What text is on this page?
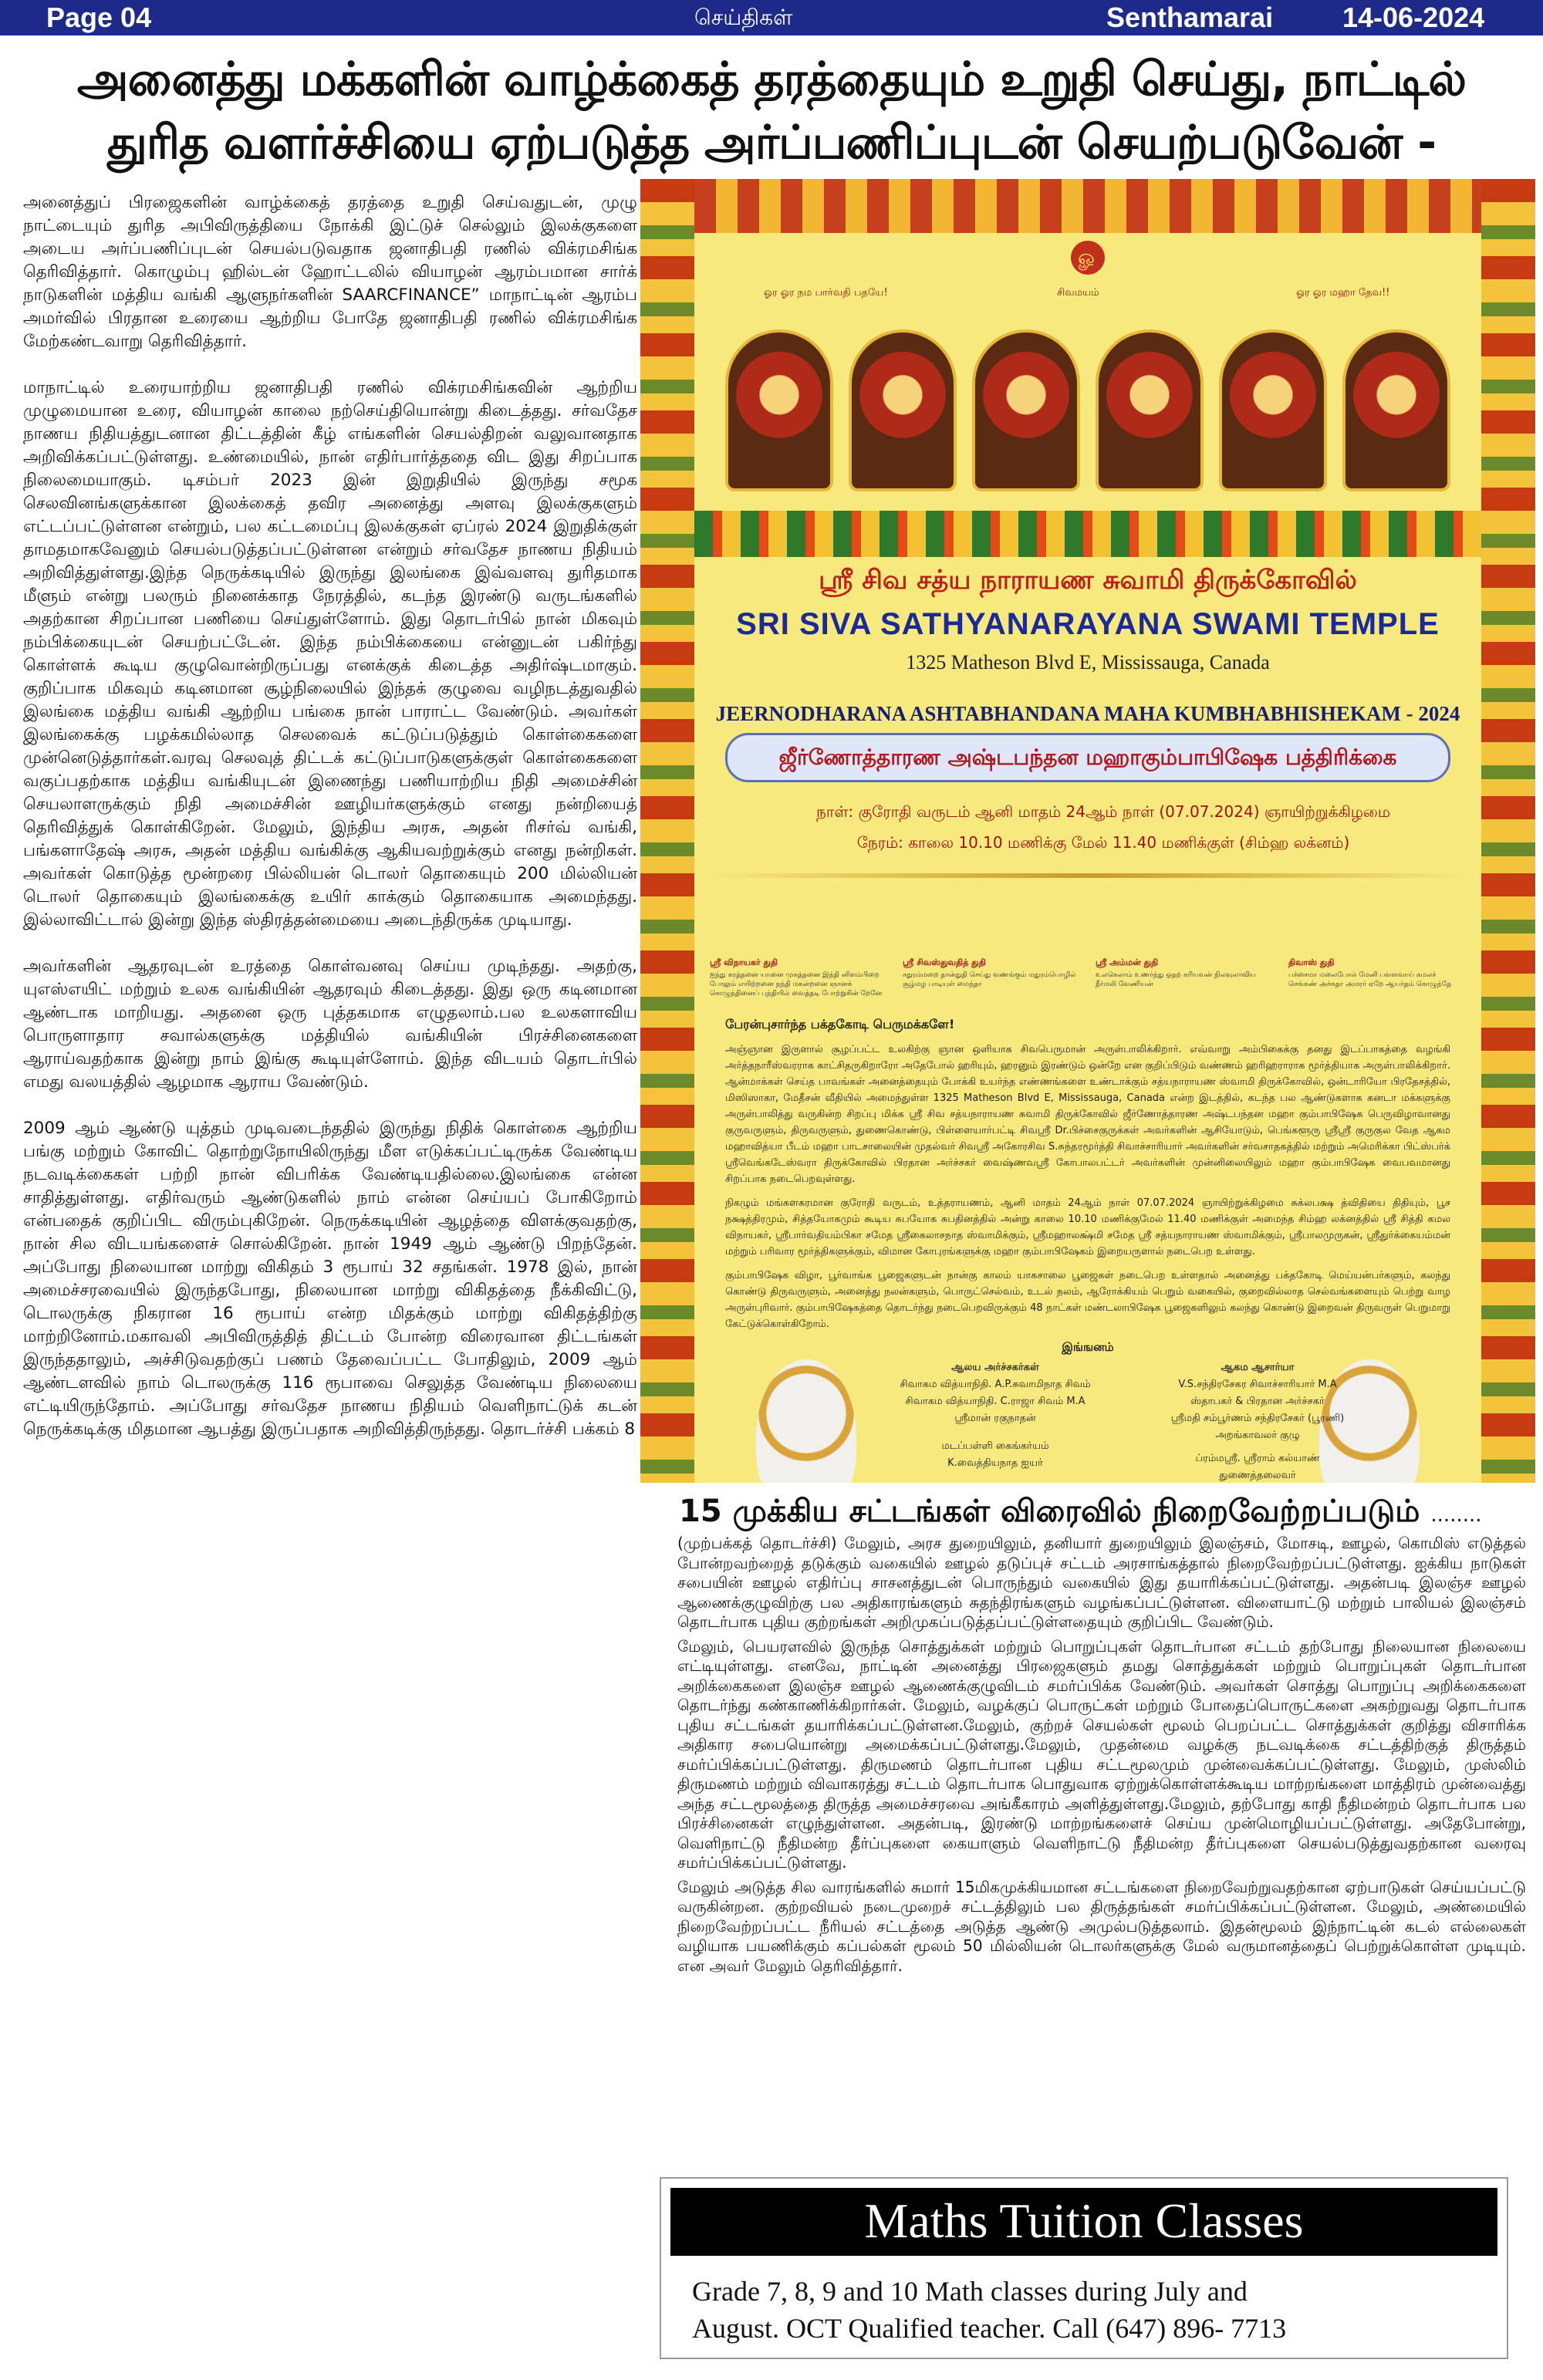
Page 04	செய்திகள்	Senthamarai 14-06-2024
அனைத்து மக்களின் வாழ்க்கைத் தரத்தையும் உறுதி செய்து, நாட்டில்
துரித வளர்ச்சியை ஏற்படுத்த அர்ப்பணிப்புடன் செயற்படுவேன் -

அனைத்துப் பிரஜைகளின் வாழ்க்கைத் தரத்தை உறுதி செய்வதுடன், முழு நாட்டையும் துரித அபிவிருத்தியை நோக்கி இட்டுச் செல்லும் இலக்குகளை அடைய அர்ப்பணிப்புடன் செயல்படுவதாக ஜனாதிபதி ரணில் விக்ரமசிங்க தெரிவித்தார். கொழும்பு ஹில்டன் ஹோட்டலில் வியாழன் ஆரம்பமான சார்க் நாடுகளின் மத்திய வங்கி ஆளுநர்களின் SAARCFINANCE” மாநாட்டின் ஆரம்ப அமர்வில் பிரதான உரையை ஆற்றிய போதே ஜனாதிபதி ரணில் விக்ரமசிங்க மேற்கண்டவாறு தெரிவித்தார்.

மாநாட்டில் உரையாற்றிய ஜனாதிபதி ரணில் விக்ரமசிங்கவின் ஆற்றிய முழுமையான உரை, வியாழன் காலை நற்செய்தியொன்று கிடைத்தது. சர்வதேச நாணய நிதியத்துடனான திட்டத்தின் கீழ் எங்களின் செயல்திறன் வலுவானதாக அறிவிக்கப்பட்டுள்ளது. உண்மையில், நான் எதிர்பார்த்ததை விட இது சிறப்பாக நிலைமையாகும். டிசம்பர் 2023 இன் இறுதியில் இருந்து சமூக செலவினங்களுக்கான இலக்கைத் தவிர அனைத்து அளவு இலக்குகளும் எட்டப்பட்டுள்ளன என்றும், பல கட்டமைப்பு இலக்குகள் ஏப்ரல் 2024 இறுதிக்குள் தாமதமாகவேனும் செயல்படுத்தப்பட்டுள்ளன என்றும் சர்வதேச நாணய நிதியம் அறிவித்துள்ளது.இந்த நெருக்கடியில் இருந்து இலங்கை இவ்வளவு துரிதமாக மீளும் என்று பலரும் நினைக்காத நேரத்தில், கடந்த இரண்டு வருடங்களில் அதற்கான சிறப்பான பணியை செய்துள்ளோம். இது தொடர்பில் நான் மிகவும் நம்பிக்கையுடன் செயற்பட்டேன். இந்த நம்பிக்கையை என்னுடன் பகிர்ந்து கொள்ளக் கூடிய குழுவொன்றிருப்பது எனக்குக் கிடைத்த அதிர்ஷ்டமாகும். குறிப்பாக மிகவும் கடினமான சூழ்நிலையில் இந்தக் குழுவை வழிநடத்துவதில் இலங்கை மத்திய வங்கி ஆற்றிய பங்கை நான் பாராட்ட வேண்டும். அவர்கள் இலங்கைக்கு பழக்கமில்லாத செலவைக் கட்டுப்படுத்தும் கொள்கைகளை முன்னெடுத்தார்கள்.வரவு செலவுத் திட்டக் கட்டுப்பாடுகளுக்குள் கொள்கைகளை வகுப்பதற்காக மத்திய வங்கியுடன் இணைந்து பணியாற்றிய நிதி அமைச்சின் செயலாளருக்கும் நிதி அமைச்சின் ஊழியர்களுக்கும் எனது நன்றியைத் தெரிவித்துக் கொள்கிறேன். மேலும், இந்திய அரசு, அதன் ரிசர்வ் வங்கி, பங்களாதேஷ் அரசு, அதன் மத்திய வங்கிக்கு ஆகியவற்றுக்கும் எனது நன்றிகள். அவர்கள் கொடுத்த மூன்றரை பில்லியன் டொலர் தொகையும் 200 மில்லியன் டொலர் தொகையும் இலங்கைக்கு உயிர் காக்கும் தொகையாக அமைந்தது. இல்லாவிட்டால் இன்று இந்த ஸ்திரத்தன்மையை அடைந்திருக்க முடியாது.

அவர்களின் ஆதரவுடன் உரத்தை கொள்வனவு செய்ய முடிந்தது. அதற்கு, யுஎஸ்எயிட் மற்றும் உலக வங்கியின் ஆதரவும் கிடைத்தது. இது ஒரு கடினமான ஆண்டாக மாறியது. அதனை ஒரு புத்தகமாக எழுதலாம்.பல உலகளாவிய பொருளாதார சவால்களுக்கு மத்தியில் வங்கியின் பிரச்சினைகளை ஆராய்வதற்காக இன்று நாம் இங்கு கூடியுள்ளோம். இந்த விடயம் தொடர்பில் எமது வலயத்தில் ஆழமாக ஆராய வேண்டும்.

2009 ஆம் ஆண்டு யுத்தம் முடிவடைந்ததில் இருந்து நிதிக் கொள்கை ஆற்றிய பங்கு மற்றும் கோவிட் தொற்றுநோயிலிருந்து மீள எடுக்கப்பட்டிருக்க வேண்டிய நடவடிக்கைகள் பற்றி நான் விபரிக்க வேண்டியதில்லை.இலங்கை என்ன சாதித்துள்ளது. எதிர்வரும் ஆண்டுகளில் நாம் என்ன செய்யப் போகிறோம் என்பதைக் குறிப்பிட விரும்புகிறேன். நெருக்கடியின் ஆழத்தை விளக்குவதற்கு, நான் சில விடயங்களைச் சொல்கிறேன். நான் 1949 ஆம் ஆண்டு பிறந்தேன். அப்போது நிலையான மாற்று விகிதம் 3 ரூபாய் 32 சதங்கள். 1978 இல், நான் அமைச்சரவையில் இருந்தபோது, நிலையான மாற்று விகிதத்தை நீக்கிவிட்டு, டொலருக்கு நிகரான 16 ரூபாய் என்ற மிதக்கும் மாற்று விகிதத்திற்கு மாற்றினோம்.மகாவலி அபிவிருத்தித் திட்டம் போன்ற விரைவான திட்டங்கள் இருந்ததாலும், அச்சிடுவதற்குப் பணம் தேவைப்பட்ட போதிலும், 2009 ஆம் ஆண்டளவில் நாம் டொலருக்கு 116 ரூபாவை செலுத்த வேண்டிய நிலையை எட்டியிருந்தோம். அப்போது சர்வதேச நாணய நிதியம் வெளிநாட்டுக் கடன் நெருக்கடிக்கு மிதமான ஆபத்து இருப்பதாக அறிவித்திருந்தது. தொடர்ச்சி பக்கம் 8

ௐ
ஓர ஓர நம பார்வதி பதயே!	சிவமயம்	ஓர ஓர மஹா தேவ!!
ஸ்ரீ சிவ சத்ய நாராயண சுவாமி திருக்கோவில்
SRI SIVA SATHYANARAYANA SWAMI TEMPLE
1325 Matheson Blvd E, Mississauga, Canada
JEERNODHARANA ASHTABHANDANA MAHA KUMBHABHISHEKAM - 2024
ஜீர்ணோத்தாரண அஷ்டபந்தன மஹாகும்பாபிஷேக பத்திரிக்கை
நாள்: குரோதி வருடம் ஆனி மாதம் 24ஆம் நாள் (07.07.2024) ஞாயிற்றுக்கிழமை
நேரம்: காலை 10.10 மணிக்கு மேல் 11.40 மணிக்குள் (சிம்ஹ லக்னம்)
ஸ்ரீ விநாயகர் துதி
ஐந்து கரத்தனை யானை முகத்தனை இந்தி னிளம்பிறை போலும் எயிற்றனை நந்தி மகன்றனை ஞானக் கொழுந்தினைப் புந்தியில் வைத்தடி போற்றுகின் றேனே
ஸ்ரீ சிவஸ்துவதித் துதி
சதுரம்மறை தான்துதி செய்து வணங்கும் மதுரம்பொழில் சூழ்மழ பாடியுள் மைந்தா
ஸ்ரீ அம்மன் துதி
உலகெலாம் உணர்ந்து ஓதற் கரியவன் நிலவுலாவிய நீர்மலி வேணியன்
திவாஸ் துதி
பச்சைமா மலைபோல் மேனி பவளவாய் கமலச் செங்கண் அச்சுதா அமரர் ஏறே ஆயர்தம் கொழுந்தே
பேரன்புசார்ந்த பக்தகோடி பெருமக்களே!

அஞ்ஞான இருளால் சூழப்பட்ட உலகிற்கு ஞான ஒளியாக சிவபெருமான் அருள்பாலிக்கிறார். எவ்வாறு அம்பிகைக்கு தனது இடப்பாகத்தை வழங்கி அர்த்தநாரீஸ்வரராக காட்சிதருகிறாரோ அதேபோல் ஹரியும், ஹரனும் இரண்டும் ஒன்றே என குறிப்பிடும் வண்ணம் ஹரிஹராராக மூர்த்தியாக அருள்பாலிக்கிறார். ஆன்மாக்கள் செய்த பாவங்கள் அனைத்தையும் போக்கி உயர்ந்த எண்ணங்களை உண்டாக்கும் சத்யநாராயண ஸ்வாமி திருக்கோவில், ஒன்டாரியோ பிரதேசத்தில், மிஸிஸாகா, மேதீசன் வீதியில் அமைந்துள்ள 1325 Matheson Blvd E, Mississauga, Canada என்ற இடத்தில், கடந்த பல ஆண்டுகளாக கனடா மக்களுக்கு அருள்பாலித்து வருகின்ற சிறப்பு மிக்க ஸ்ரீ சிவ சத்யநாராயண சுவாமி திருக்கோவில் ஜீர்ணோத்தாரண அஷ்டபந்தன மஹா கும்பாபிஷேக பெருவிழாவானது குருவருளும், திருவருளும், துணைகொண்டு, பிள்ளையார்பட்டி சிவஸ்ரீ Dr.பிச்சைகுருக்கள் அவர்களின் ஆசியோடும், பெங்களூரு ஸ்ரீஸ்ரீ குருகுல வேத ஆகம மஹாவித்யா பீடம் மஹா பாடசாலையின் முதல்வர் சிவஸ்ரீ அகோரசிவ S.சுந்தரமூர்த்தி சிவாச்சாரியார் அவர்களின் சர்வசாதகத்தில் மற்றும் அமெரிக்கா பிட்ஸ்பர்க் ஸ்ரீவெங்கடேஸ்வரா திருக்கோவில் பிரதான அர்ச்சகர் வைஷ்ணவஸ்ரீ கோபாலபட்டர் அவர்களின் முன்னிலையிலும் மஹா கும்பாபிஷேக வைபவமானது சிறப்பாக நடைபெறவுள்ளது.

நிகழும் மங்களகரமான குரோதி வருடம், உத்தராயணம், ஆனி மாதம் 24ஆம் நாள் 07.07.2024 ஞாயிற்றுக்கிழமை சுக்லபக்ஷ த்விதியை திதியும், பூச நக்ஷத்திரமும், சித்தயோகமும் கூடிய சுபயோக சுபதினத்தில் அன்று காலை 10.10 மணிக்குமேல் 11.40 மணிக்குள் அமைந்த சிம்ஹ லக்னத்தில் ஸ்ரீ சித்தி கமல விநாயகர், ஸ்ரீபார்வதியம்பிகா சமேத ஸ்ரீகைலாசநாத ஸ்வாமிக்கும், ஸ்ரீமஹாலக்ஷ்மி சமேத ஸ்ரீ சத்யநாராயண ஸ்வாமிக்கும், ஸ்ரீபாலமுருகன், ஸ்ரீதுர்க்கையம்மன் மற்றும் பரிவார மூர்த்திகளுக்கும், விமான கோபுரங்களுக்கு மஹா கும்பாபிஷேகம் இறையருளால் நடைபெற உள்ளது.

கும்பாபிஷேக விழா, பூர்வாங்க பூஜைகளுடன் நான்கு காலம் யாகசாலை பூஜைகள் நடைபெற உள்ளதால் அனைத்து பக்தகோடி மெய்யன்பர்களும், கலந்து கொண்டு திருவருளும், அனைத்து நலன்களும், பொருட்செல்வம், உடல் நலம், ஆரோக்கியம் பெறும் வகையில், குறைவில்லாத செல்வங்களையும் பெற்று வாழ அருள்புரிவார். கும்பாபிஷேகத்தை தொடர்ந்து நடைபெறவிருக்கும் 48 நாட்கள் மண்டலாபிஷேக பூஜைகளிலும் கலந்து கொண்டு இறைவன் திருவருள் பெறுமாறு கேட்டுக்கொள்கிறோம்.

இங்ஙனம்
ஆலய அர்ச்சகர்கள்
சிவாகம வித்யாநிதி. A.P.சுவாமிநாத சிவம்
சிவாகம வித்யாநிதி. C.ராஜா சிவம் M.A
ஸ்ரீமான் ரகுநாதன்
மடப்பள்ளி கைங்கர்யம்
K.வைத்தியநாத ஐயர்
ஆகம ஆசார்யா
V.S.சந்திரசேகர சிவாச்சாரியார் M.A
ஸ்தாபகர் & பிரதான அர்ச்சகர்
ஸ்ரீமதி சம்பூர்ணம் சந்திரசேகர் (பூரணி)
அறங்காவலர் குழு
ப்ரம்மஸ்ரீ. ஸ்ரீராம் கல்யாண்
துணைத்தலைவர்
15 முக்கிய சட்டங்கள் விரைவில் நிறைவேற்றப்படும் ........

(முற்பக்கத் தொடர்ச்சி) மேலும், அரச துறையிலும், தனியார் துறையிலும் இலஞ்சம், மோசடி, ஊழல், கொமிஸ் எடுத்தல் போன்றவற்றைத் தடுக்கும் வகையில் ஊழல் தடுப்புச் சட்டம் அரசாங்கத்தால் நிறைவேற்றப்பட்டுள்ளது. ஐக்கிய நாடுகள் சபையின் ஊழல் எதிர்ப்பு சாசனத்துடன் பொருந்தும் வகையில் இது தயாரிக்கப்பட்டுள்ளது. அதன்படி இலஞ்ச ஊழல் ஆணைக்குழுவிற்கு பல அதிகாரங்களும் சுதந்திரங்களும் வழங்கப்பட்டுள்ளன. விளையாட்டு மற்றும் பாலியல் இலஞ்சம் தொடர்பாக புதிய குற்றங்கள் அறிமுகப்படுத்தப்பட்டுள்ளதையும் குறிப்பிட வேண்டும்.

மேலும், பெயரளவில் இருந்த சொத்துக்கள் மற்றும் பொறுப்புகள் தொடர்பான சட்டம் தற்போது நிலையான நிலையை எட்டியுள்ளது. எனவே, நாட்டின் அனைத்து பிரஜைகளும் தமது சொத்துக்கள் மற்றும் பொறுப்புகள் தொடர்பான அறிக்கைகளை இலஞ்ச ஊழல் ஆணைக்குழுவிடம் சமர்ப்பிக்க வேண்டும். அவர்கள் சொத்து பொறுப்பு அறிக்கைகளை தொடர்ந்து கண்காணிக்கிறார்கள். மேலும், வழக்குப் பொருட்கள் மற்றும் போதைப்பொருட்களை அகற்றுவது தொடர்பாக புதிய சட்டங்கள் தயாரிக்கப்பட்டுள்ளன.மேலும், குற்றச் செயல்கள் மூலம் பெறப்பட்ட சொத்துக்கள் குறித்து விசாரிக்க அதிகார சபையொன்று அமைக்கப்பட்டுள்ளது.மேலும், முதன்மை வழக்கு நடவடிக்கை சட்டத்திற்குத் திருத்தம் சமர்ப்பிக்கப்பட்டுள்ளது. திருமணம் தொடர்பான புதிய சட்டமூலமும் முன்வைக்கப்பட்டுள்ளது. மேலும், முஸ்லிம் திருமணம் மற்றும் விவாகரத்து சட்டம் தொடர்பாக பொதுவாக ஏற்றுக்கொள்ளக்கூடிய மாற்றங்களை மாத்திரம் முன்வைத்து அந்த சட்டமூலத்தை திருத்த அமைச்சரவை அங்கீகாரம் அளித்துள்ளது.மேலும், தற்போது காதி நீதிமன்றம் தொடர்பாக பல பிரச்சினைகள் எழுந்துள்ளன. அதன்படி, இரண்டு மாற்றங்களைச் செய்ய முன்மொழியப்பட்டுள்ளது. அதேபோன்று, வெளிநாட்டு நீதிமன்ற தீர்ப்புகளை கையாளும் வெளிநாட்டு நீதிமன்ற தீர்ப்புகளை செயல்படுத்துவதற்கான வரைவு சமர்ப்பிக்கப்பட்டுள்ளது.

மேலும் அடுத்த சில வாரங்களில் சுமார் 15மிகமுக்கியமான சட்டங்களை நிறைவேற்றுவதற்கான ஏற்பாடுகள் செய்யப்பட்டு வருகின்றன. குற்றவியல் நடைமுறைச் சட்டத்திலும் பல திருத்தங்கள் சமர்ப்பிக்கப்பட்டுள்ளன. மேலும், அண்மையில் நிறைவேற்றப்பட்ட நீரியல் சட்டத்தை அடுத்த ஆண்டு அமுல்படுத்தலாம். இதன்மூலம் இந்நாட்டின் கடல் எல்லைகள் வழியாக பயணிக்கும் கப்பல்கள் மூலம் 50 மில்லியன் டொலர்களுக்கு மேல் வருமானத்தைப் பெற்றுக்கொள்ள முடியும். என அவர் மேலும் தெரிவித்தார்.

Maths Tuition Classes
Grade 7, 8, 9 and 10 Math classes during July and
August. OCT Qualified teacher. Call (647) 896- 7713
